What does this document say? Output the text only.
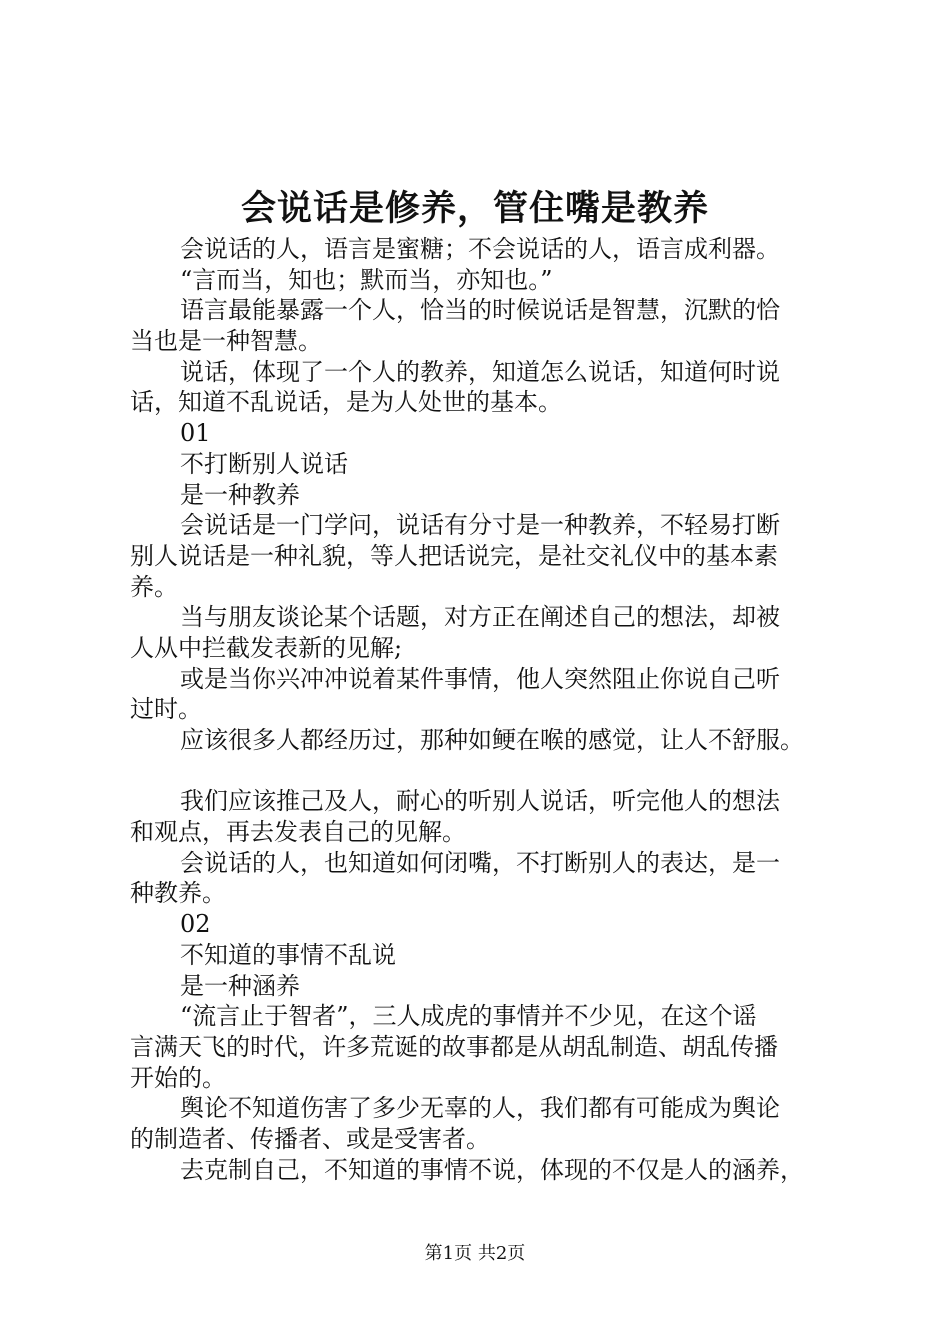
会说话是修养，管住嘴是教养
会说话的人，语言是蜜糖；不会说话的人，语言成利器。
“言而当，知也；默而当，亦知也。”
语言最能暴露一个人，恰当的时候说话是智慧，沉默的恰
当也是一种智慧。
说话，体现了一个人的教养，知道怎么说话，知道何时说
话，知道不乱说话，是为人处世的基本。
01
不打断别人说话
是一种教养
会说话是一门学问，说话有分寸是一种教养，不轻易打断
别人说话是一种礼貌，等人把话说完，是社交礼仪中的基本素
养。
当与朋友谈论某个话题，对方正在阐述自己的想法，却被
人从中拦截发表新的见解;
或是当你兴冲冲说着某件事情，他人突然阻止你说自己听
过时。
应该很多人都经历过，那种如鲠在喉的感觉，让人不舒服。
我们应该推己及人，耐心的听别人说话，听完他人的想法
和观点，再去发表自己的见解。
会说话的人，也知道如何闭嘴，不打断别人的表达，是一
种教养。
02
不知道的事情不乱说
是一种涵养
“流言止于智者”，三人成虎的事情并不少见，在这个谣
言满天飞的时代，许多荒诞的故事都是从胡乱制造、胡乱传播
开始的。
舆论不知道伤害了多少无辜的人，我们都有可能成为舆论
的制造者、传播者、或是受害者。
去克制自己，不知道的事情不说，体现的不仅是人的涵养，
第1页 共2页
